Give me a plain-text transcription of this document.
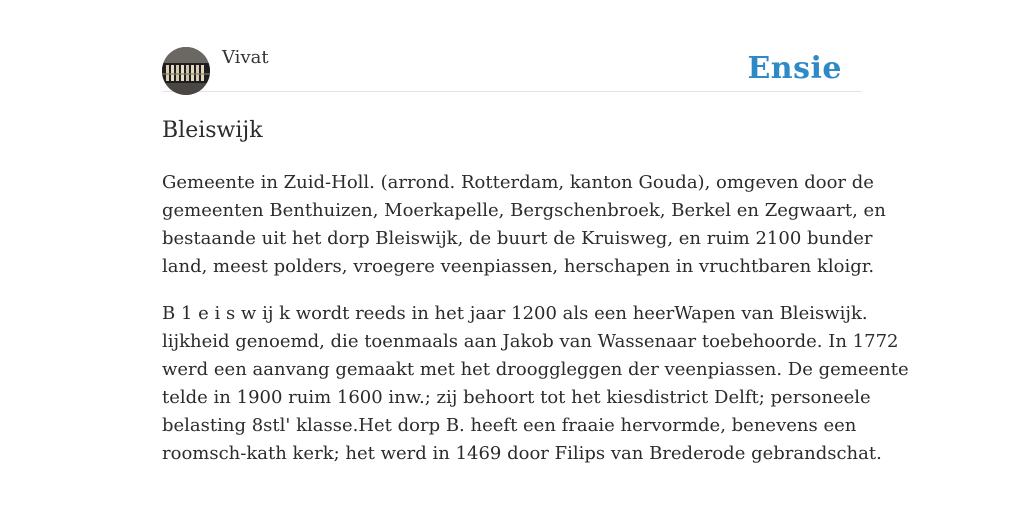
Vivat	Ensie
Bleiswijk

Gemeente in Zuid-Holl. (arrond. Rotterdam, kanton Gouda), omgeven door de
gemeenten Benthuizen, Moerkapelle, Bergschenbroek, Berkel en Zegwaart, en
bestaande uit het dorp Bleiswijk, de buurt de Kruisweg, en ruim 2100 bunder
land, meest polders, vroegere veenpiassen, herschapen in vruchtbaren kloigr.

B 1 e i s w ij k wordt reeds in het jaar 1200 als een heerWapen van Bleiswijk.
lijkheid genoemd, die toenmaals aan Jakob van Wassenaar toebehoorde. In 1772
werd een aanvang gemaakt met het drooggleggen der veenpiassen. De gemeente
telde in 1900 ruim 1600 inw.; zij behoort tot het kiesdistrict Delft; personeele
belasting 8stl' klasse.Het dorp B. heeft een fraaie hervormde, benevens een
roomsch-kath kerk; het werd in 1469 door Filips van Brederode gebrandschat.
